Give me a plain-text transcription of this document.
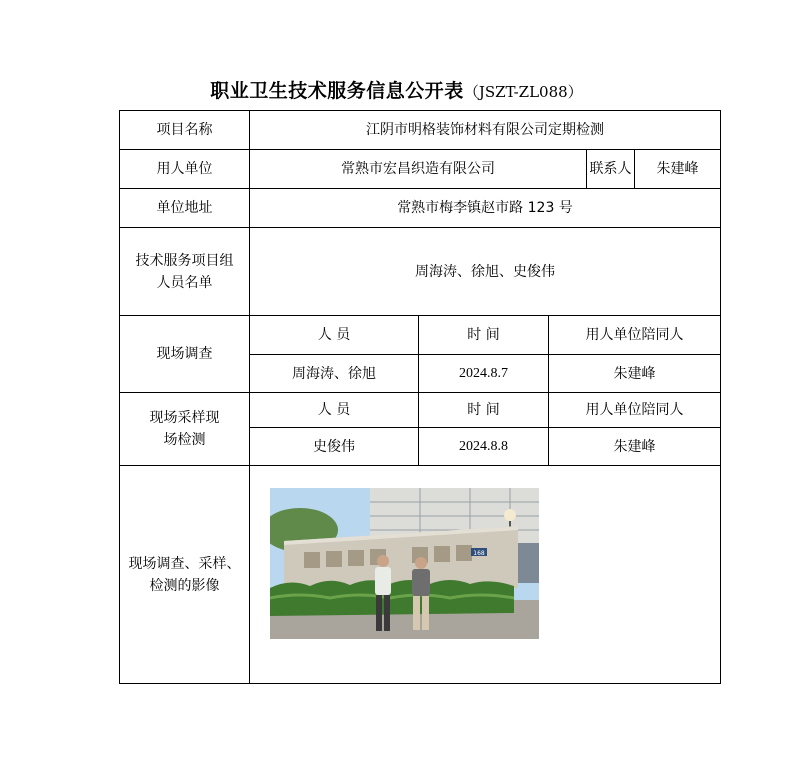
职业卫生技术服务信息公开表（JSZT-ZL088）
项目名称	江阴市明格装饰材料有限公司定期检测				
用人单位	常熟市宏昌织造有限公司			联系人	朱建峰
单位地址	常熟市梅李镇赵市路 123 号				
技术服务项目组人员名单	周海涛、徐旭、史俊伟				
现场调查	人 员	时 间	用人单位陪同人		
	周海涛、徐旭	2024.8.7	朱建峰		
现场采样现场检测	人 员	时 间	用人单位陪同人		
	史俊伟	2024.8.8	朱建峰		
现场调查、采样、检测的影像	168				
